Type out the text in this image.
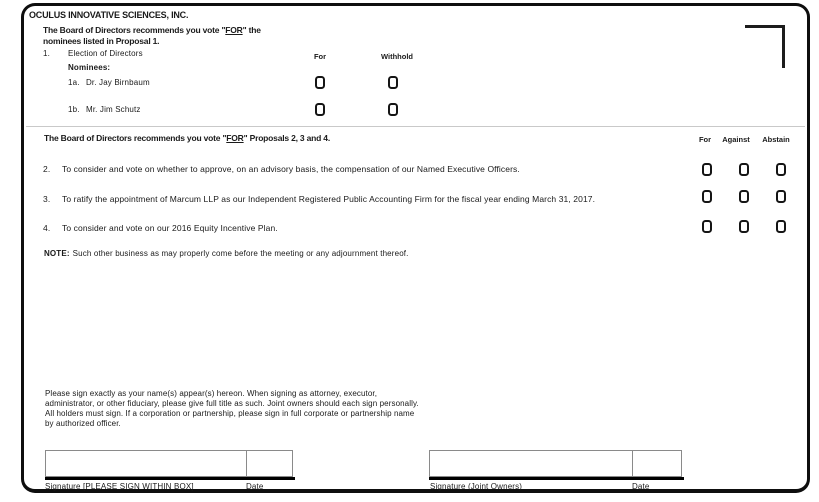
OCULUS INNOVATIVE SCIENCES, INC.
The Board of Directors recommends you vote "FOR" the
nominees listed in Proposal 1.
1. Election of Directors	For	Withhold
Nominees:
1a. Dr. Jay Birnbaum
1b. Mr. Jim Schutz
The Board of Directors recommends you vote "FOR" Proposals 2, 3 and 4.	For Against Abstain
2. To consider and vote on whether to approve, on an advisory basis, the compensation of our Named Executive Officers.
3. To ratify the appointment of Marcum LLP as our Independent Registered Public Accounting Firm for the fiscal year ending March 31, 2017.
4. To consider and vote on our 2016 Equity Incentive Plan.
NOTE: Such other business as may properly come before the meeting or any adjournment thereof.
Please sign exactly as your name(s) appear(s) hereon. When signing as attorney, executor, administrator, or other fiduciary, please give full title as such. Joint owners should each sign personally. All holders must sign. If a corporation or partnership, please sign in full corporate or partnership name by authorized officer.
Signature [PLEASE SIGN WITHIN BOX]	Date	Signature (Joint Owners)	Date
